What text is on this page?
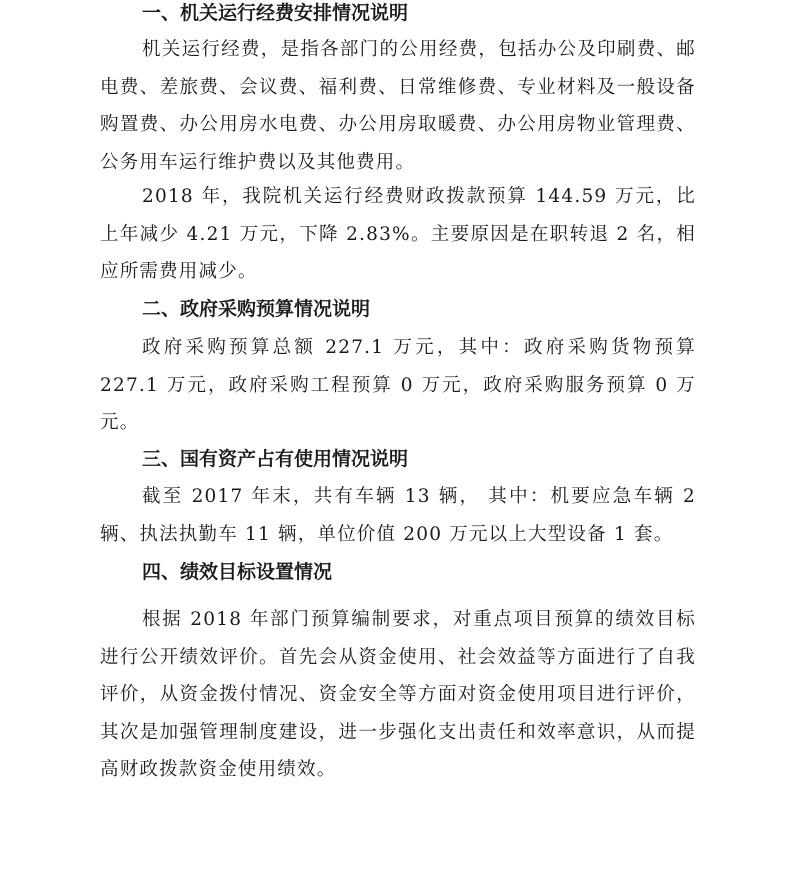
一、机关运行经费安排情况说明

机关运行经费，是指各部门的公用经费，包括办公及印刷费、邮电费、差旅费、会议费、福利费、日常维修费、专业材料及一般设备购置费、办公用房水电费、办公用房取暖费、办公用房物业管理费、公务用车运行维护费以及其他费用。

2018 年，我院机关运行经费财政拨款预算 144.59 万元，比上年减少 4.21 万元，下降 2.83%。主要原因是在职转退 2 名，相应所需费用减少。

二、政府采购预算情况说明

政府采购预算总额 227.1 万元，其中：政府采购货物预算227.1 万元，政府采购工程预算 0 万元，政府采购服务预算 0 万元。

三、国有资产占有使用情况说明

截至 2017 年末，共有车辆 13 辆， 其中：机要应急车辆 2 辆、执法执勤车 11 辆，单位价值 200 万元以上大型设备 1 套。

四、绩效目标设置情况

根据 2018 年部门预算编制要求，对重点项目预算的绩效目标进行公开绩效评价。首先会从资金使用、社会效益等方面进行了自我评价，从资金拨付情况、资金安全等方面对资金使用项目进行评价，其次是加强管理制度建设，进一步强化支出责任和效率意识，从而提高财政拨款资金使用绩效。
